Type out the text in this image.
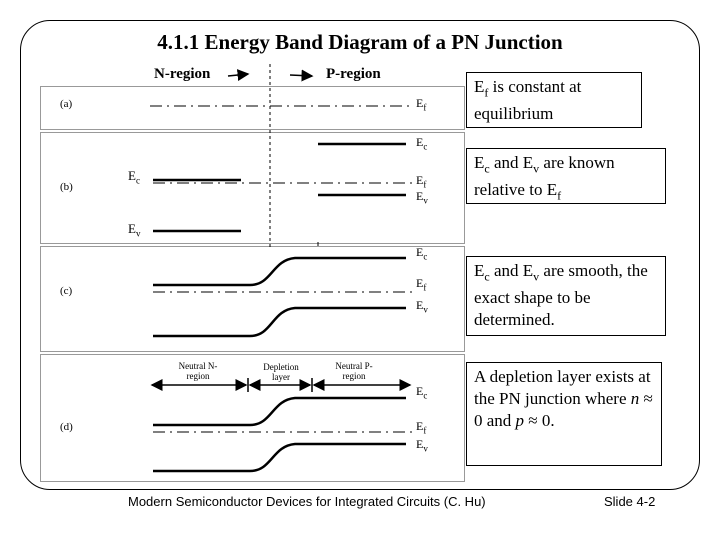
4.1.1 Energy Band Diagram of a PN Junction
N-region	P-region
(a)
(b)
(c)
(d)
$E_f$
$E_c$
$E_c$	$E_f$
$E_v$
$E_v$
$E_c$
$E_f$
$E_v$
Neutral N-region
Depletion layer
Neutral P-region
$E_c$
$E_f$
$E_v$
$E_f$ is constant at equilibrium
$E_c$ and $E_v$ are known relative to $E_f$
$E_c$ and $E_v$ are smooth, the exact shape to be determined.
A depletion layer exists at the PN junction where n ≈ 0 and p ≈ 0.
Modern Semiconductor Devices for Integrated Circuits (C. Hu)	Slide 4-2
